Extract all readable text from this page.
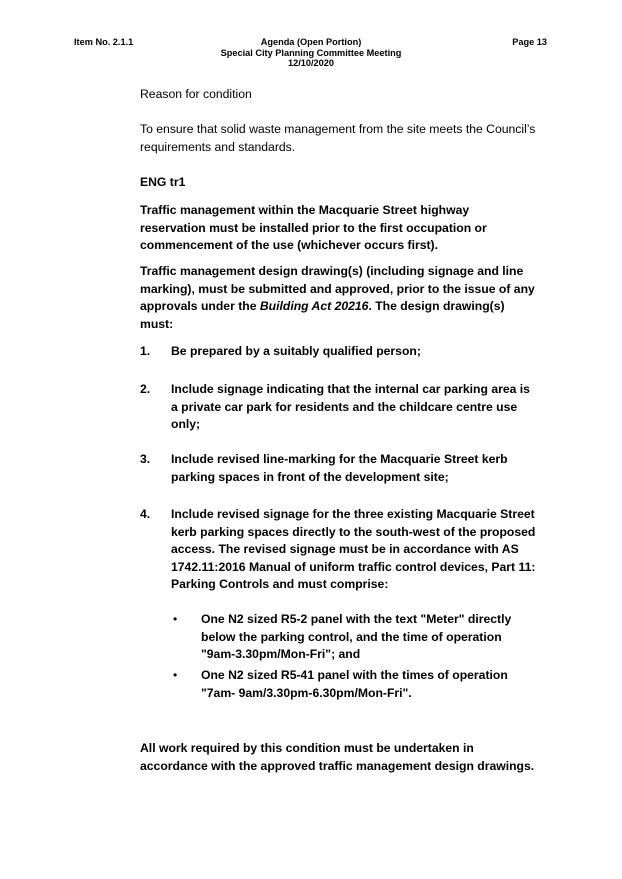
Item No. 2.1.1	Page 13
Agenda (Open Portion)
Special City Planning Committee Meeting
12/10/2020

Reason for condition

To ensure that solid waste management from the site meets the Council’s requirements and standards.

ENG tr1

Traffic management within the Macquarie Street highway reservation must be installed prior to the first occupation or commencement of the use (whichever occurs first).

Traffic management design drawing(s) (including signage and line marking), must be submitted and approved, prior to the issue of any approvals under the Building Act 20216. The design drawing(s) must:

1. Be prepared by a suitably qualified person;

2. Include signage indicating that the internal car parking area is a private car park for residents and the childcare centre use only;

3. Include revised line-marking for the Macquarie Street kerb parking spaces in front of the development site;

4. Include revised signage for the three existing Macquarie Street kerb parking spaces directly to the south-west of the proposed access. The revised signage must be in accordance with AS 1742.11:2016 Manual of uniform traffic control devices, Part 11: Parking Controls and must comprise:

• One N2 sized R5-2 panel with the text "Meter" directly below the parking control, and the time of operation "9am-3.30pm/Mon-Fri"; and

• One N2 sized R5-41 panel with the times of operation "7am- 9am/3.30pm-6.30pm/Mon-Fri".

All work required by this condition must be undertaken in accordance with the approved traffic management design drawings.
